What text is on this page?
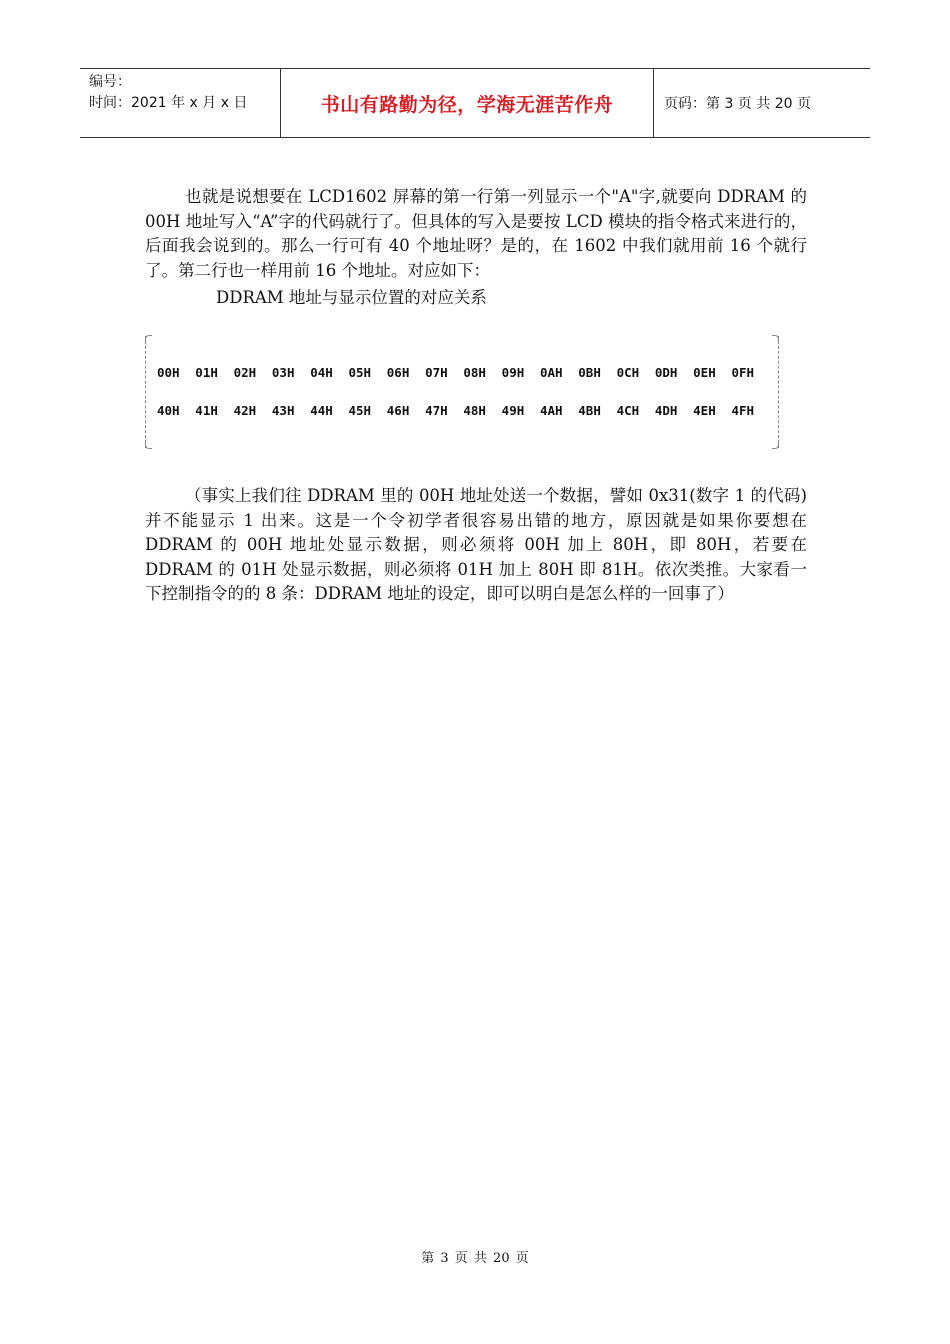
编号：
时间：2021 年 x 月 x 日	书山有路勤为径，学海无涯苦作舟	页码：第 3 页 共 20 页
也就是说想要在 LCD1602 屏幕的第一行第一列显示一个"A"字,就要向 DDRAM 的 00H 地址写入“A”字的代码就行了。但具体的写入是要按 LCD 模块的指令格式来进行的，后面我会说到的。那么一行可有 40 个地址呀？是的，在 1602 中我们就用前 16 个就行了。第二行也一样用前 16 个地址。对应如下：
DDRAM 地址与显示位置的对应关系
00H	01H	02H	03H	04H	05H	06H	07H	08H	09H	0AH	0BH	0CH	0DH	0EH	0FH
40H	41H	42H	43H	44H	45H	46H	47H	48H	49H	4AH	4BH	4CH	4DH	4EH	4FH
（事实上我们往 DDRAM 里的 00H 地址处送一个数据，譬如 0x31(数字 1 的代码)并不能显示 1 出来。这是一个令初学者很容易出错的地方，原因就是如果你要想在 DDRAM 的 00H 地址处显示数据，则必须将 00H 加上 80H，即 80H，若要在 DDRAM 的 01H 处显示数据，则必须将 01H 加上 80H 即 81H。依次类推。大家看一下控制指令的的 8 条：DDRAM 地址的设定，即可以明白是怎么样的一回事了）
第 3 页 共 20 页
